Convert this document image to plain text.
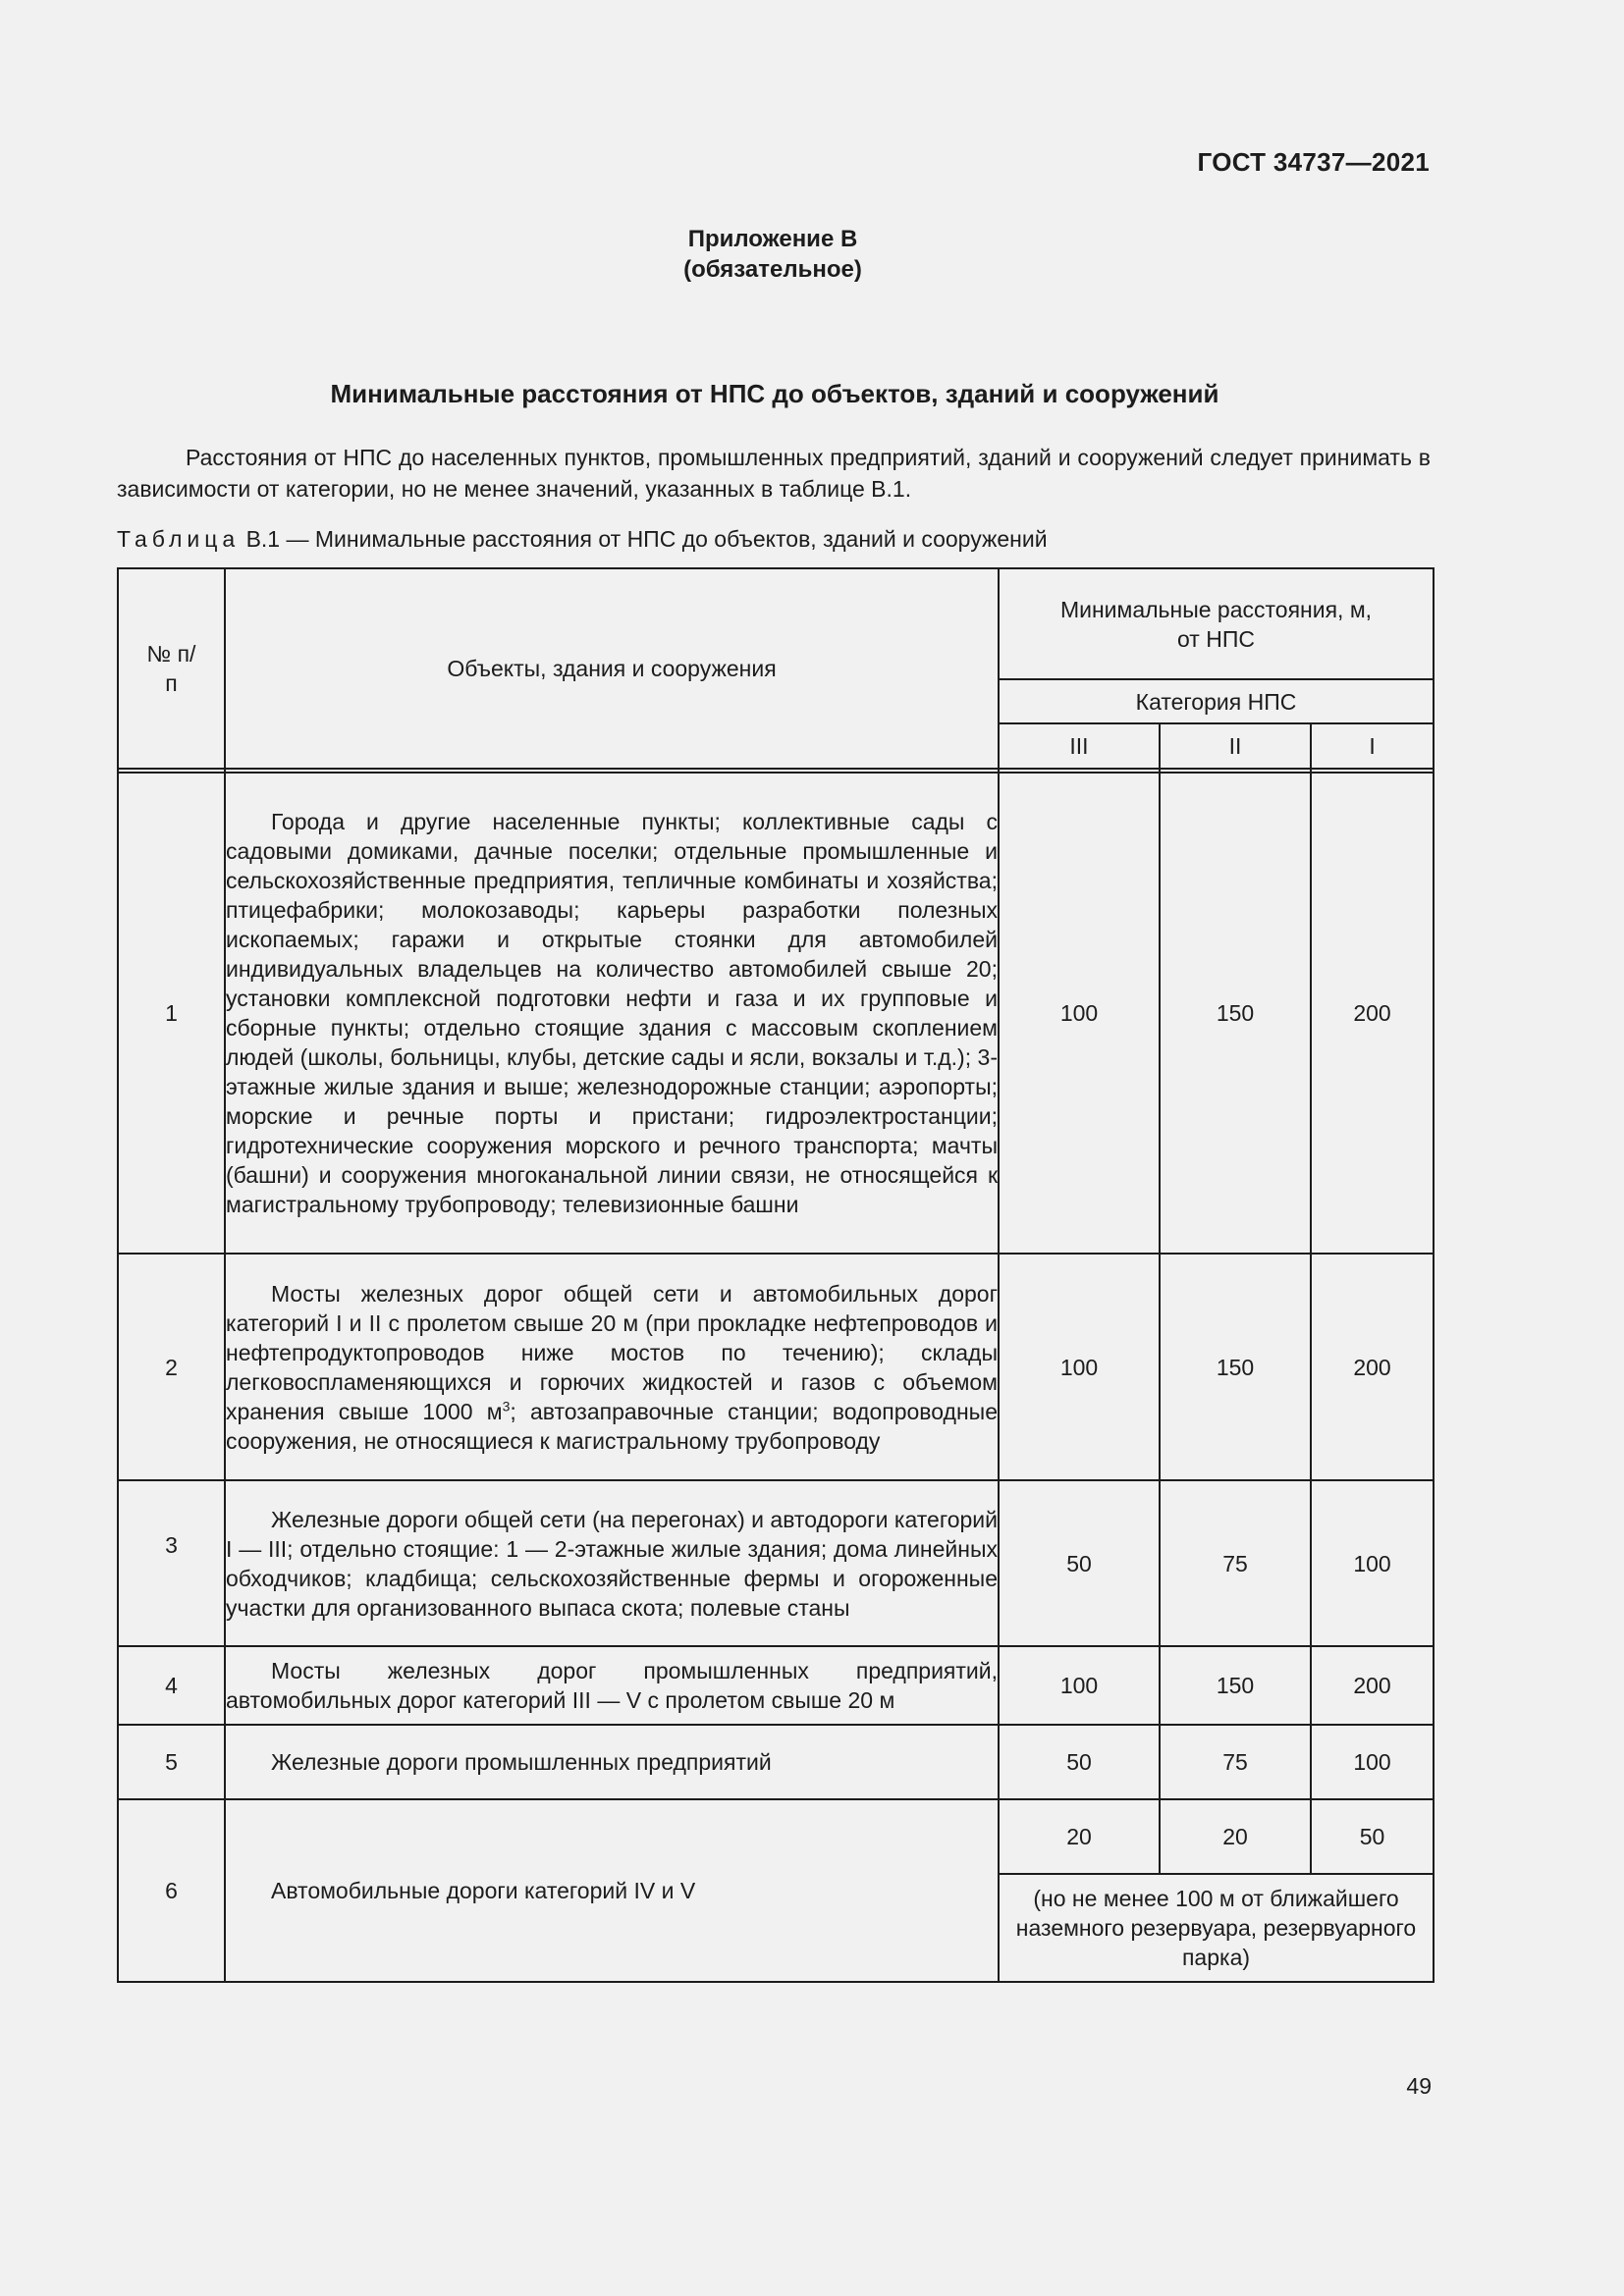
ГОСТ 34737—2021
Приложение В
(обязательное)
Минимальные расстояния от НПС до объектов, зданий и сооружений

Расстояния от НПС до населенных пунктов, промышленных предприятий, зданий и сооружений следует принимать в зависимости от категории, но не менее значений, указанных в таблице В.1.

Таблица В.1 — Минимальные расстояния от НПС до объектов, зданий и сооружений
№ п/п	Объекты, здания и сооружения	Минимальные расстояния, м, от НПС		

		Категория НПС		
		III	II	I

1	Города и другие населенные пункты; коллективные сады с садовыми домиками, дачные поселки; отдельные промышленные и сельскохозяйственные предприятия, тепличные комбинаты и хозяйства; птицефабрики; молокозаводы; карьеры разработки полезных ископаемых; гаражи и открытые стоянки для автомобилей индивидуальных владельцев на количество автомобилей свыше 20; установки комплексной подготовки нефти и газа и их групповые и сборные пункты; отдельно стоящие здания с массовым скоплением людей (школы, больницы, клубы, детские сады и ясли, вокзалы и т.д.); 3-этажные жилые здания и выше; железнодорожные станции; аэропорты; морские и речные порты и пристани; гидроэлектростанции; гидротехнические сооружения морского и речного транспорта; мачты (башни) и сооружения многоканальной линии связи, не относящейся к магистральному трубопроводу; телевизионные башни	100	150	200
2	Мосты железных дорог общей сети и автомобильных дорог категорий I и II с пролетом свыше 20 м (при прокладке нефтепроводов и нефтепродуктопроводов ниже мостов по течению); склады легковоспламеняющихся и горючих жидкостей и газов с объемом хранения свыше 1000 $м^3$; автозаправочные станции; водопроводные сооружения, не относящиеся к магистральному трубопроводу	100	150	200
3	Железные дороги общей сети (на перегонах) и автодороги категорий I — III; отдельно стоящие: 1 — 2-этажные жилые здания; дома линейных обходчиков; кладбища; сельскохозяйственные фермы и огороженные участки для организованного выпаса скота; полевые станы	50	75	100
4	Мосты железных дорог промышленных предприятий, автомобильных дорог категорий III — V с пролетом свыше 20 м	100	150	200
5	Железные дороги промышленных предприятий	50	75	100
6	Автомобильные дороги категорий IV и V	20	20	50

		(но не менее 100 м от ближайшего наземного резервуара, резервуарного парка)		
49
